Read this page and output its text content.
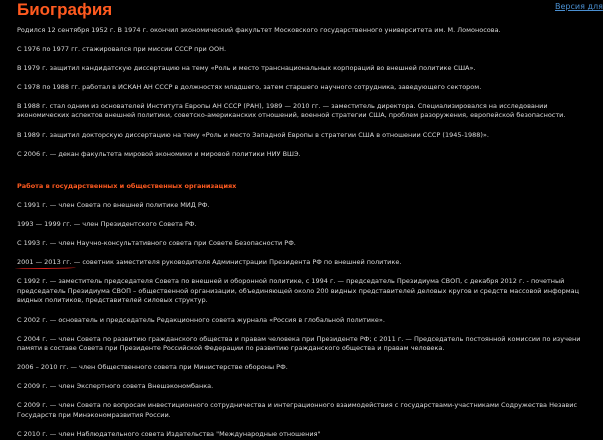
Биография	Версия для

Родился 12 сентября 1952 г. В 1974 г. окончил экономический факультет Московского государственного университета им. М. Ломоносова.

С 1976 по 1977 гг. стажировался при миссии СССР при ООН.

В 1979 г. защитил кандидатскую диссертацию на тему «Роль и место транснациональных корпораций во внешней политике США».

С 1978 по 1988 гг. работал в ИСКАН АН СССР в должностях младшего, затем старшего научного сотрудника, заведующего сектором.

В 1988 г. стал одним из основателей Института Европы АН СССР (РАН), 1989 — 2010 гг. — заместитель директора. Специализировался на исследовании

экономических аспектов внешней политики, советско-американских отношений, военной стратегии США, проблем разоружения, европейской безопасности.

В 1989 г. защитил докторскую диссертацию на тему «Роль и место Западной Европы в стратегии США в отношении СССР (1945-1988)».

С 2006 г. — декан факультета мировой экономики и мировой политики НИУ ВШЭ.

Работа в государственных и общественных организациях

С 1991 г. — член Совета по внешней политике МИД РФ.

1993 — 1999 гг. — член Президентского Совета РФ.

С 1993 г. — член Научно-консультативного совета при Совете Безопасности РФ.

2001 — 2013 гг. — советник заместителя руководителя Администрации Президента РФ по внешней политике.

С 1992 г. — заместитель председателя Совета по внешней и оборонной политике, с 1994 г. — председатель Президиума СВОП, с декабря 2012 г. - почетный

председатель Президиума СВОП – общественной организации, объединяющей около 200 видных представителей деловых кругов и средств массовой информац

видных политиков, представителей силовых структур.

С 2002 г. — основатель и председатель Редакционного совета журнала «Россия в глобальной политике».

С 2004 г. — член Совета по развитию гражданского общества и правам человека при Президенте РФ; с 2011 г. — Председатель постоянной комиссии по изучени

памяти в составе Совета при Президенте Российской Федерации по развитию гражданского общества и правам человека.

2006 – 2010 гг. — член Общественного совета при Министерстве обороны РФ.

С 2009 г. — член Экспертного совета Внешэкономбанка.

С 2009 г. — член Совета по вопросам инвестиционного сотрудничества и интеграционного взаимодействия с государствами-участниками Содружества Независ

Государств при Минэкономразвития России.

С 2010 г. — член Наблюдательного совета Издательства "Международные отношения"
